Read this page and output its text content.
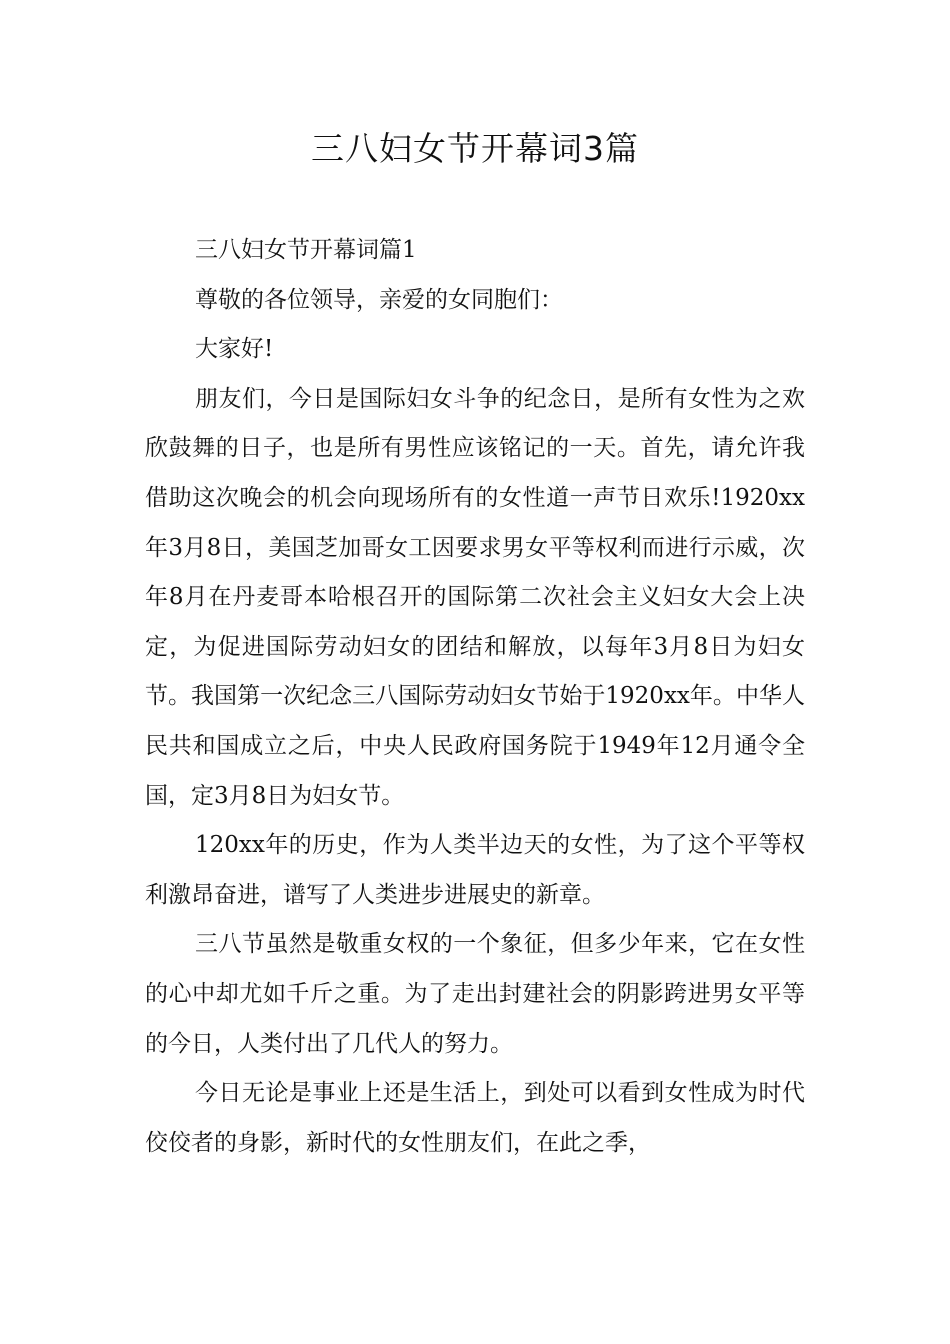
三八妇女节开幕词3篇

三八妇女节开幕词篇1

尊敬的各位领导，亲爱的女同胞们：

大家好!

朋友们，今日是国际妇女斗争的纪念日，是所有女性为之欢欣鼓舞的日子，也是所有男性应该铭记的一天。首先，请允许我借助这次晚会的机会向现场所有的女性道一声节日欢乐!1920xx年3月8日，美国芝加哥女工因要求男女平等权利而进行示威，次年8月在丹麦哥本哈根召开的国际第二次社会主义妇女大会上决定，为促进国际劳动妇女的团结和解放，以每年3月8日为妇女节。我国第一次纪念三八国际劳动妇女节始于1920xx年。中华人民共和国成立之后，中央人民政府国务院于1949年12月通令全国，定3月8日为妇女节。

120xx年的历史，作为人类半边天的女性，为了这个平等权利激昂奋进，谱写了人类进步进展史的新章。

三八节虽然是敬重女权的一个象征，但多少年来，它在女性的心中却尤如千斤之重。为了走出封建社会的阴影跨进男女平等的今日，人类付出了几代人的努力。

今日无论是事业上还是生活上，到处可以看到女性成为时代佼佼者的身影，新时代的女性朋友们，在此之季，
